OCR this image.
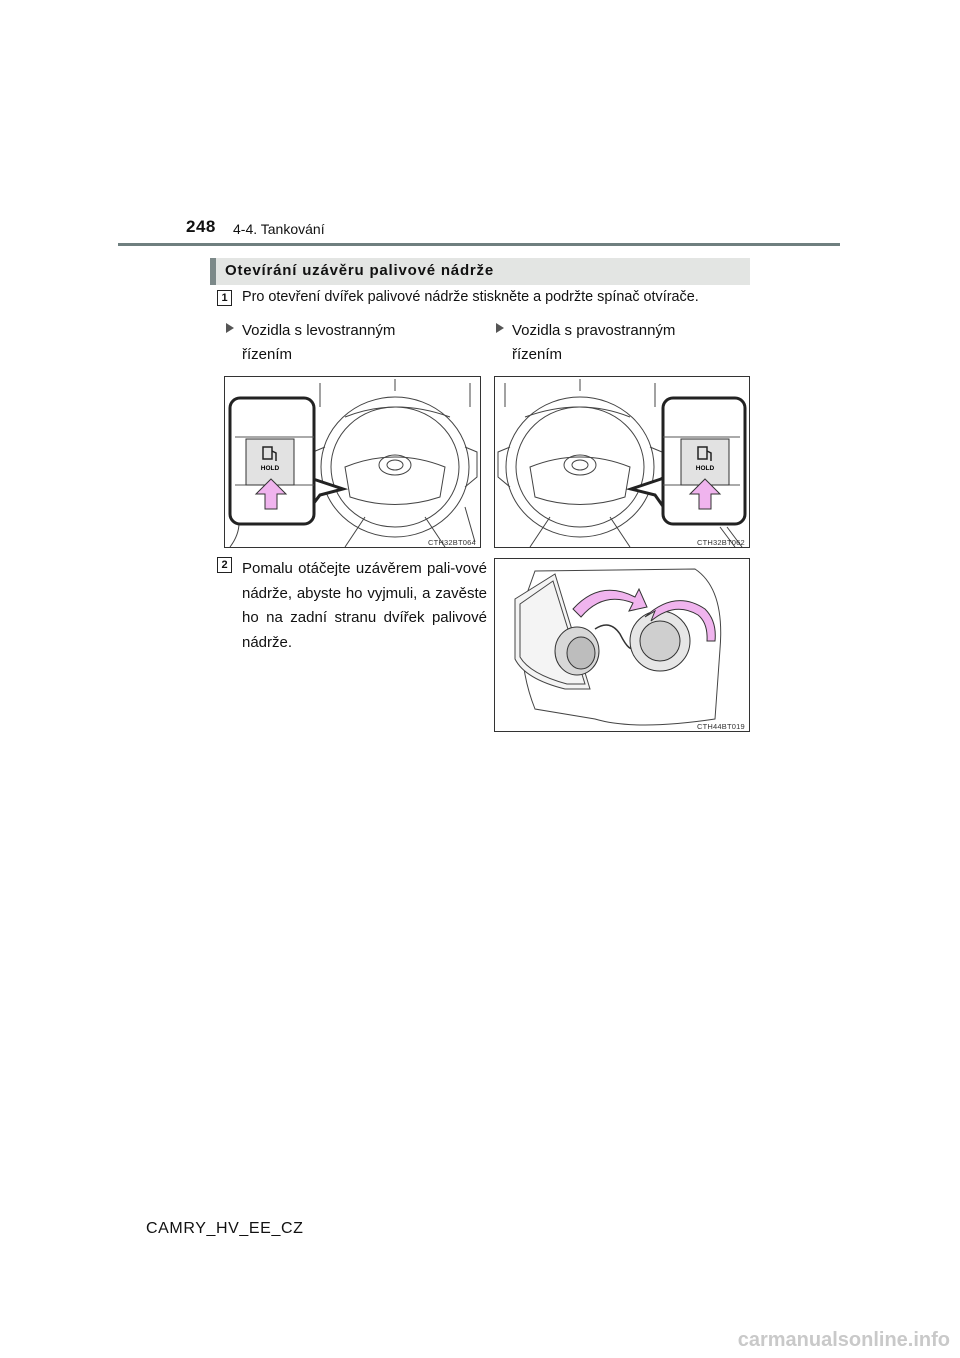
248 4-4. Tankování
Otevírání uzávěru palivové nádrže
1	Pro otevření dvířek palivové nádrže stiskněte a podržte spínač otvírače.
Vozidla s levostranným
řízením
Vozidla s pravostranným
řízením
HOLD
CTH32BT064
HOLD
CTH32BT062
2 Pomalu otáčejte uzávěrem pali-vové nádrže, abyste ho vyjmuli, a zavěste ho na zadní stranu dvířek palivové nádrže.
CTH44BT019
CAMRY_HV_EE_CZ
carmanualsonline.info
